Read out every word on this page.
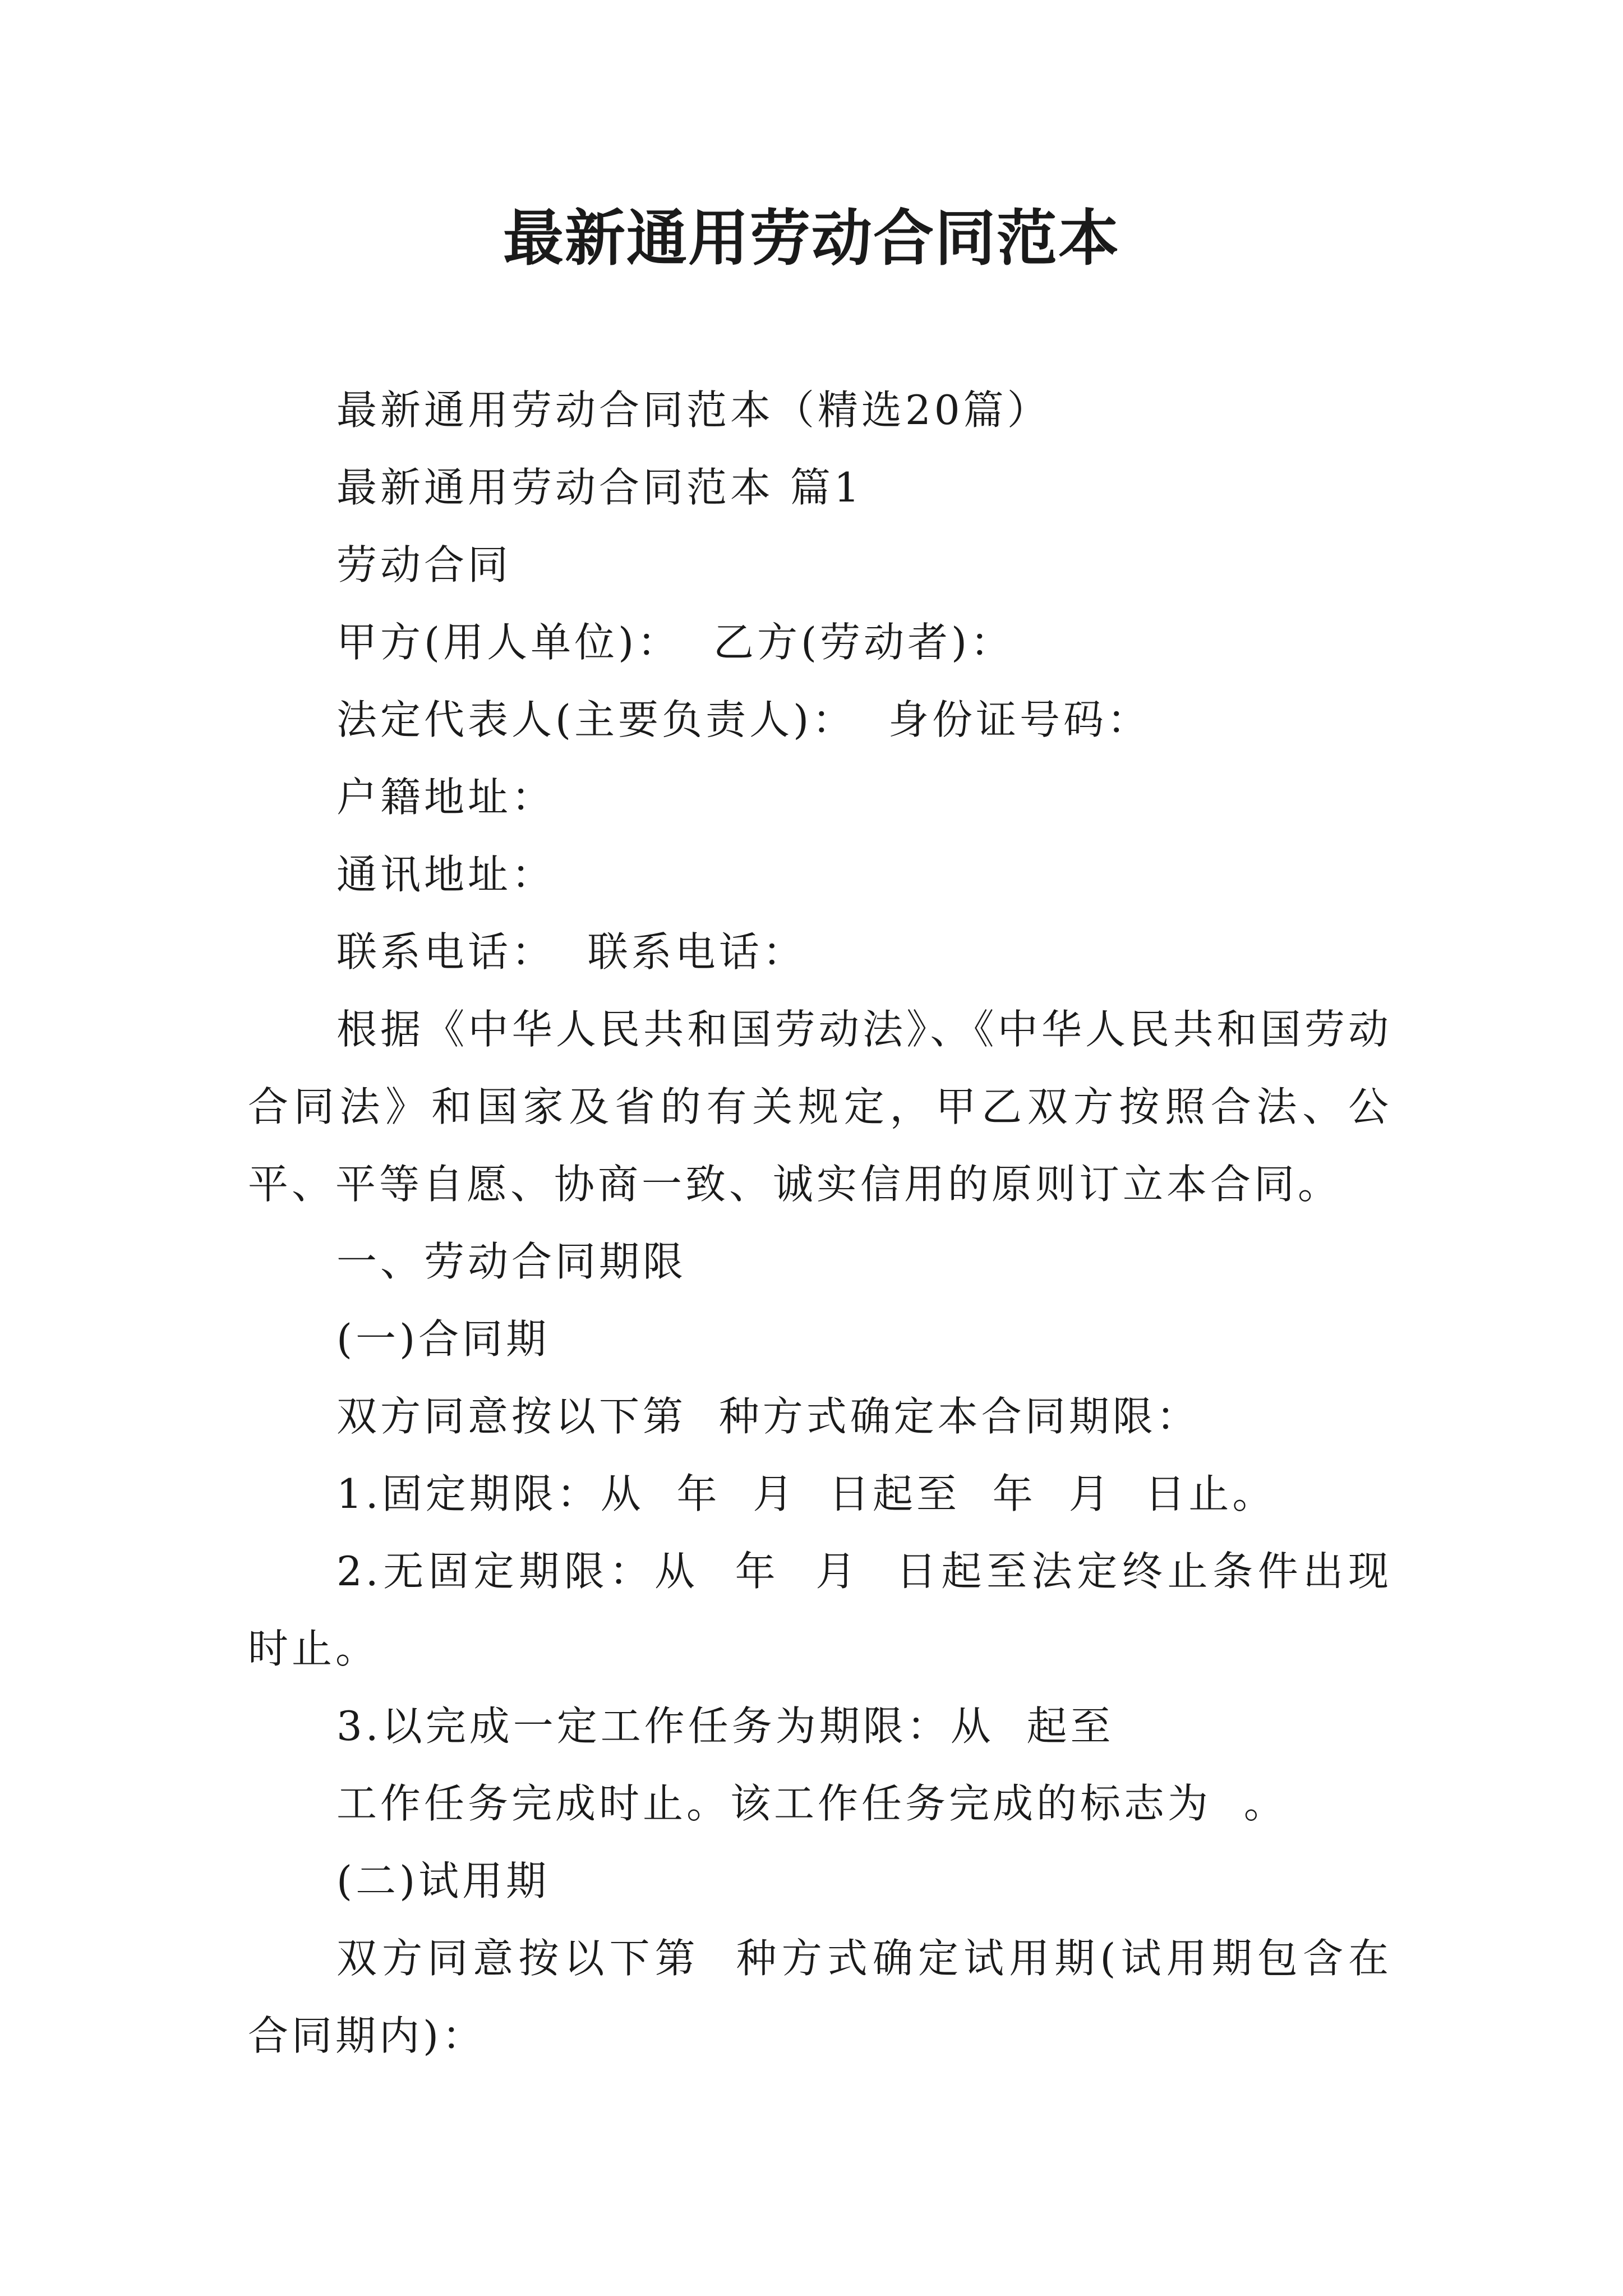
最新通用劳动合同范本

最新通用劳动合同范本（精选20篇）

最新通用劳动合同范本 篇1

劳动合同

甲方(用人单位)：  乙方(劳动者)：

法定代表人(主要负责人)：  身份证号码：

户籍地址：

通讯地址：

联系电话：  联系电话：

根据《中华人民共和国劳动法》、《中华人民共和国劳动合同法》和国家及省的有关规定，甲乙双方按照合法、公平、平等自愿、协商一致、诚实信用的原则订立本合同。

一、劳动合同期限

(一)合同期

双方同意按以下第  种方式确定本合同期限：

1.固定期限：从  年  月  日起至  年  月  日止。

2.无固定期限：从  年  月  日起至法定终止条件出现时止。

3.以完成一定工作任务为期限：从  起至

工作任务完成时止。该工作任务完成的标志为  。

(二)试用期

双方同意按以下第  种方式确定试用期(试用期包含在合同期内)：
